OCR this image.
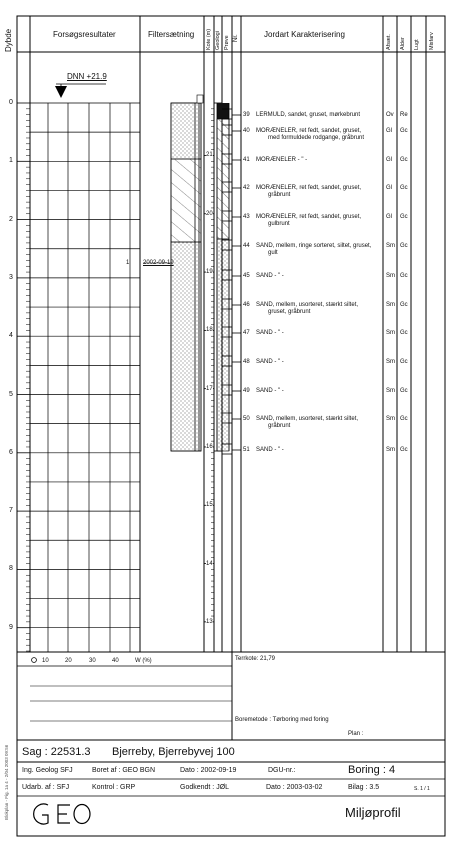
Dybde	Forsøgsresultater	Filtersætning Kote (m) Geologi Prøve Nr.	Jordart Karakterisering	Afsæt. Alder Lugt Misfarv
Blokplan - Fig. 1a 4 - 2/04 2003 09:56
DNN +21.9
0
1
2
3
4
5
6
7
8
9
21
20
19
18
17
16
15
14
13
1 2002-09-19
39 LERMULD, sandet, gruset, mørkebrunt	Ov Re
40 MORÆNELER, ret fedt, sandet, gruset,
med formuldede rodgange, gråbrunt
Gl Gc
41 MORÆNELER - " -	Gl Gc
42 MORÆNELER, ret fedt, sandet, gruset,
gråbrunt
Gl Gc
43 MORÆNELER, ret fedt, sandet, gruset,
gulbrunt
Gl Gc
44 SAND, mellem, ringe sorteret, siltet, gruset,
gult
Sm Gc
45 SAND - " -	Sm Gc
46 SAND, mellem, usorteret, stærkt siltet,
gruset, gråbrunt
Sm Gc
47 SAND - " -	Sm Gc
48 SAND - " -	Sm Gc
49 SAND - " -	Sm Gc
50 SAND, mellem, usorteret, stærkt siltet,
gråbrunt
Sm Gc
51 SAND - " -	Sm Gc
10	20	30	40	W (%)	Terrkote: 21,79
Boremetode : Tørboring med foring
Plan :
Sag : 22531.3 Bjerreby, Bjerrebyvej 100
Ing. Geolog SFJ	Boret af : GEO BGN	Dato : 2002-09-19	DGU-nr.:	Boring : 4
Udarb. af : SFJ	Kontrol : GRP	Godkendt : JØL	Dato : 2003-03-02	Bilag : 3.5	S. 1 / 1
Miljøprofil
